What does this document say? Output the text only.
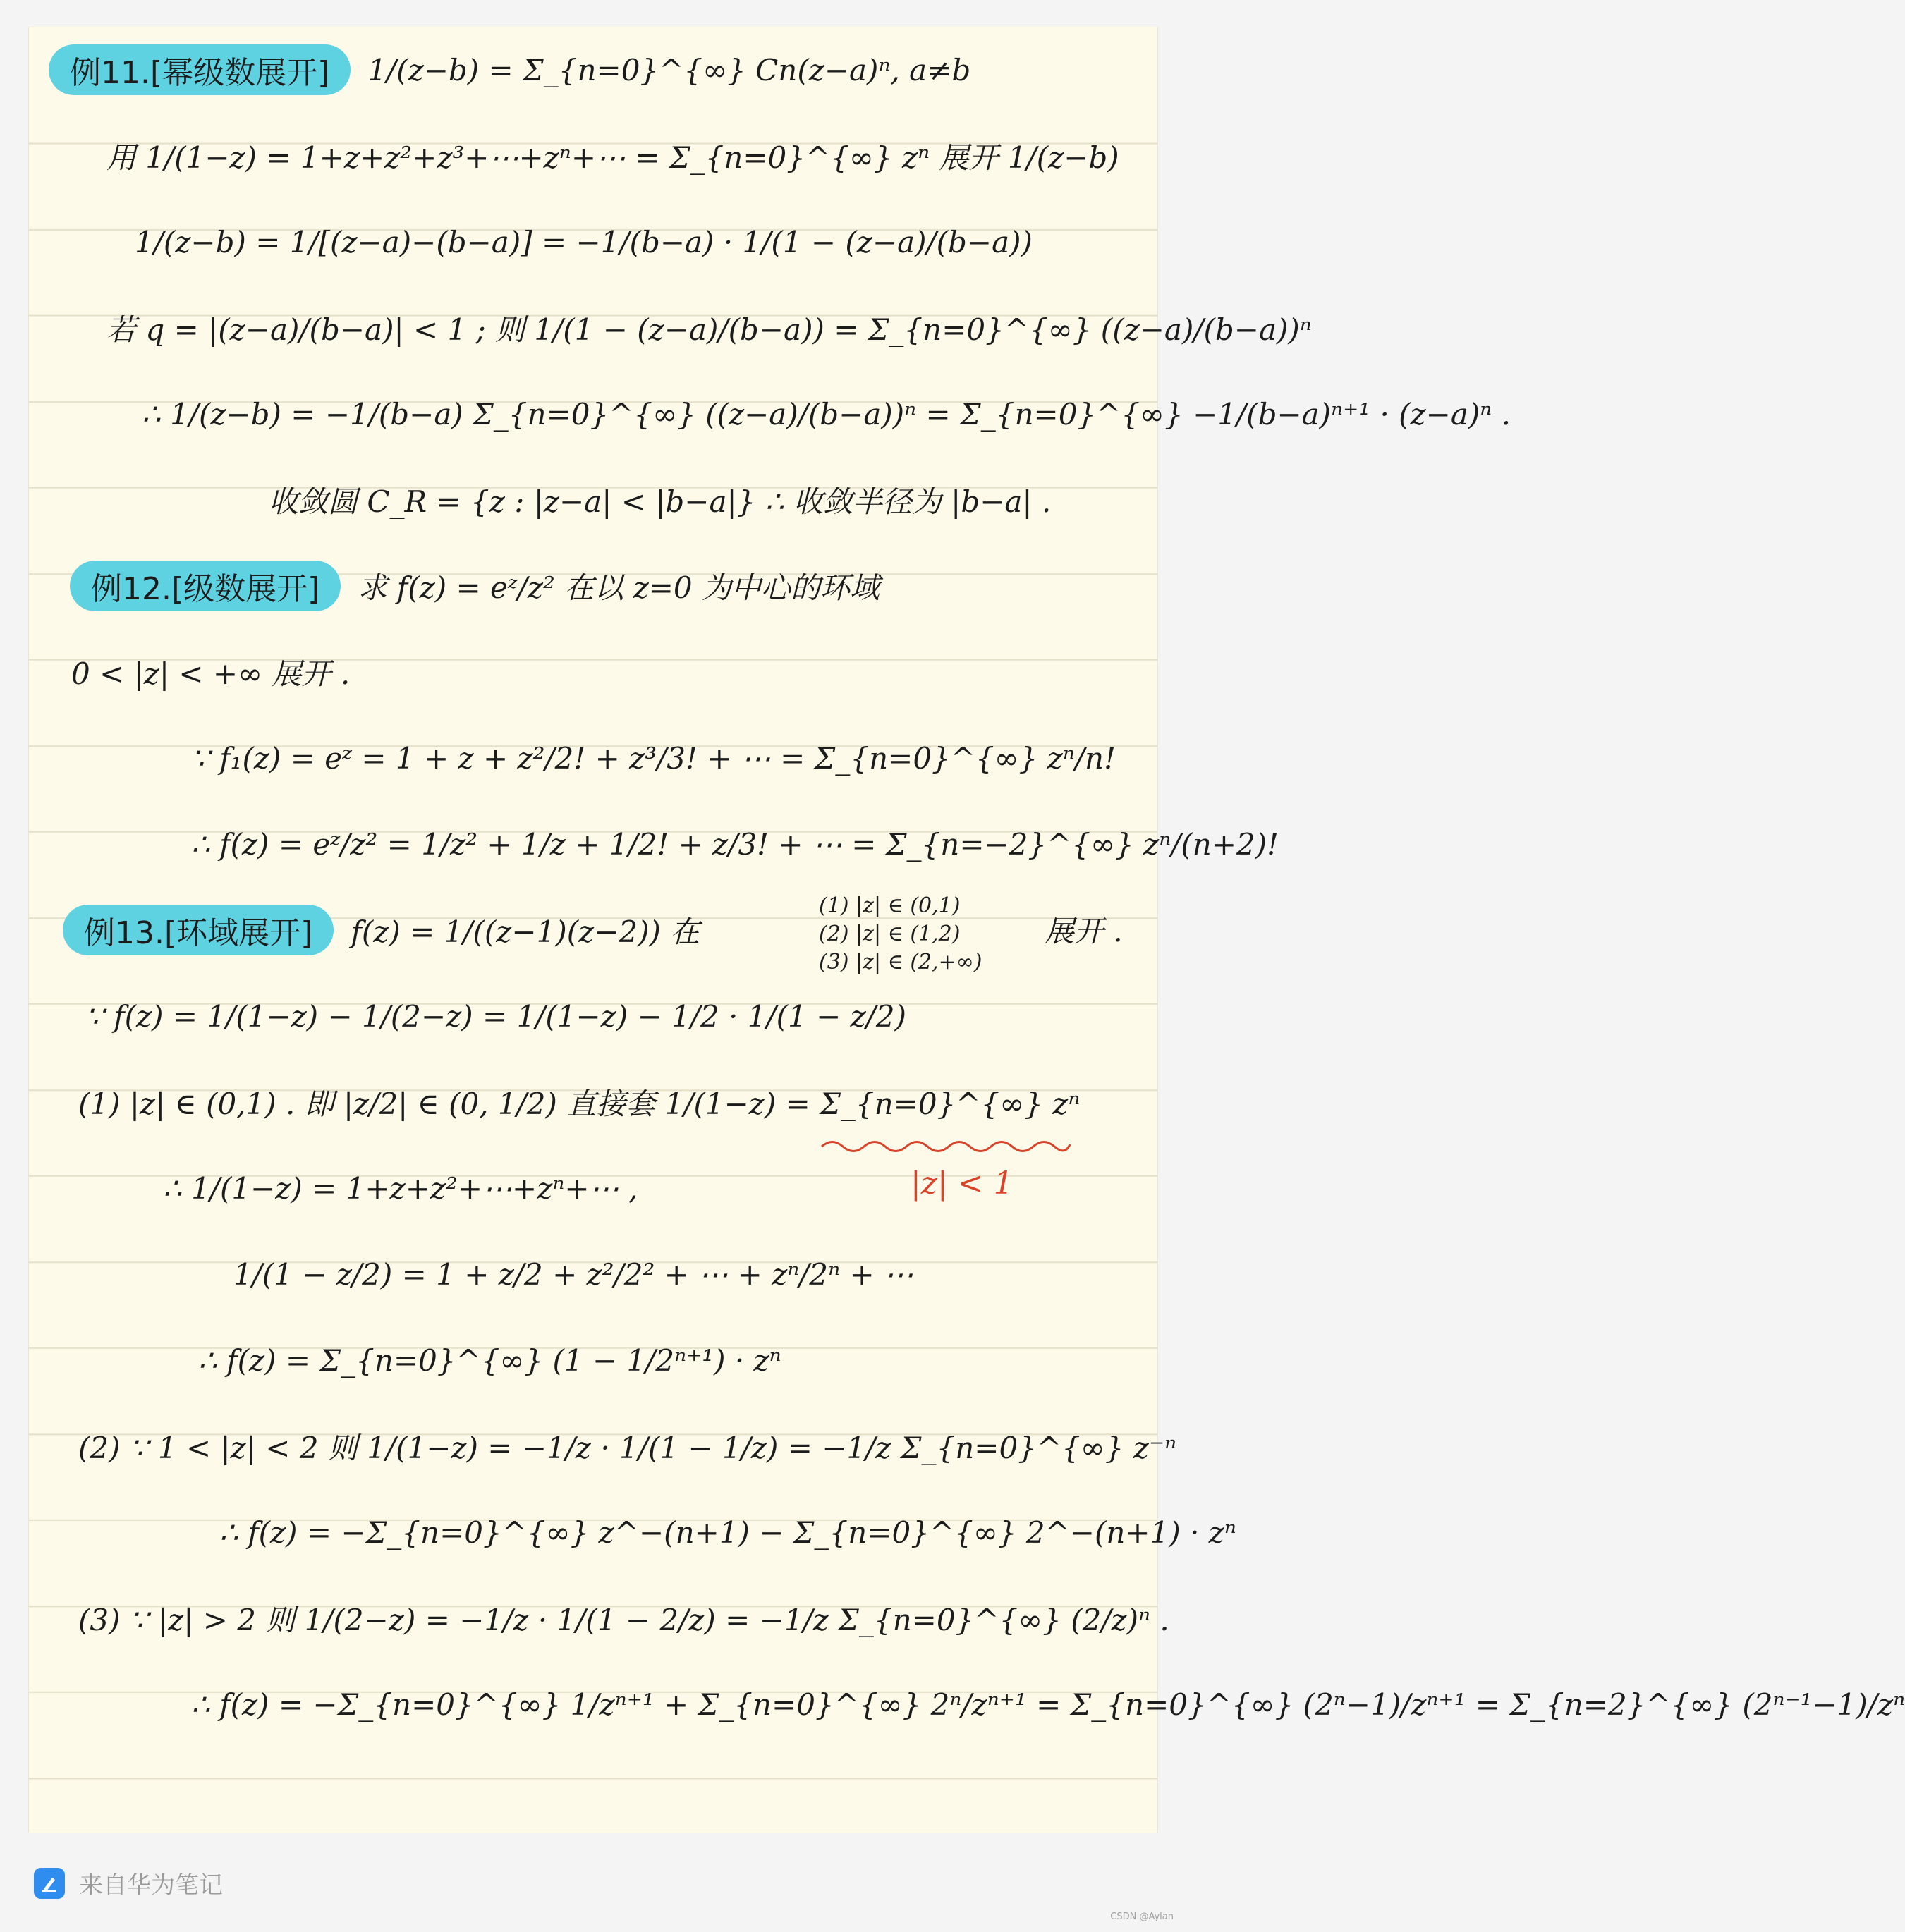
例11.[幂级数展开]	1/(z−b) = Σ_{n=0}^{∞} Cn(z−a)ⁿ, a≠b
用 1/(1−z) = 1+z+z²+z³+⋯+zⁿ+⋯ = Σ_{n=0}^{∞} zⁿ 展开 1/(z−b)
1/(z−b) = 1/[(z−a)−(b−a)] = −1/(b−a) · 1/(1 − (z−a)/(b−a))
若 q = |(z−a)/(b−a)| < 1 ; 则 1/(1 − (z−a)/(b−a)) = Σ_{n=0}^{∞} ((z−a)/(b−a))ⁿ
∴ 1/(z−b) = −1/(b−a) Σ_{n=0}^{∞} ((z−a)/(b−a))ⁿ = Σ_{n=0}^{∞} −1/(b−a)ⁿ⁺¹ · (z−a)ⁿ .
收敛圆 C_R = {z : |z−a| < |b−a|} ∴ 收敛半径为 |b−a| .
例12.[级数展开]	求 f(z) = eᶻ/z² 在以 z=0 为中心的环域
0 < |z| < +∞ 展开 .
∵ f₁(z) = eᶻ = 1 + z + z²/2! + z³/3! + ⋯ = Σ_{n=0}^{∞} zⁿ/n!
∴ f(z) = eᶻ/z² = 1/z² + 1/z + 1/2! + z/3! + ⋯ = Σ_{n=−2}^{∞} zⁿ/(n+2)!
例13.[环域展开]	f(z) = 1/((z−1)(z−2)) 在
(1) |z| ∈ (0,1)
(2) |z| ∈ (1,2)
(3) |z| ∈ (2,+∞)
展开 .
∵ f(z) = 1/(1−z) − 1/(2−z) = 1/(1−z) − 1/2 · 1/(1 − z/2)
(1) |z| ∈ (0,1) . 即 |z/2| ∈ (0, 1/2) 直接套 1/(1−z) = Σ_{n=0}^{∞} zⁿ
|z| < 1
∴ 1/(1−z) = 1+z+z²+⋯+zⁿ+⋯ ,
1/(1 − z/2) = 1 + z/2 + z²/2² + ⋯ + zⁿ/2ⁿ + ⋯
∴ f(z) = Σ_{n=0}^{∞} (1 − 1/2ⁿ⁺¹) · zⁿ
(2) ∵ 1 < |z| < 2 则 1/(1−z) = −1/z · 1/(1 − 1/z) = −1/z Σ_{n=0}^{∞} z⁻ⁿ
∴ f(z) = −Σ_{n=0}^{∞} z^−(n+1) − Σ_{n=0}^{∞} 2^−(n+1) · zⁿ
(3) ∵ |z| > 2 则 1/(2−z) = −1/z · 1/(1 − 2/z) = −1/z Σ_{n=0}^{∞} (2/z)ⁿ .
∴ f(z) = −Σ_{n=0}^{∞} 1/zⁿ⁺¹ + Σ_{n=0}^{∞} 2ⁿ/zⁿ⁺¹ = Σ_{n=0}^{∞} (2ⁿ−1)/zⁿ⁺¹ = Σ_{n=2}^{∞} (2ⁿ⁻¹−1)/zⁿ
来自华为笔记
CSDN @Aylan
